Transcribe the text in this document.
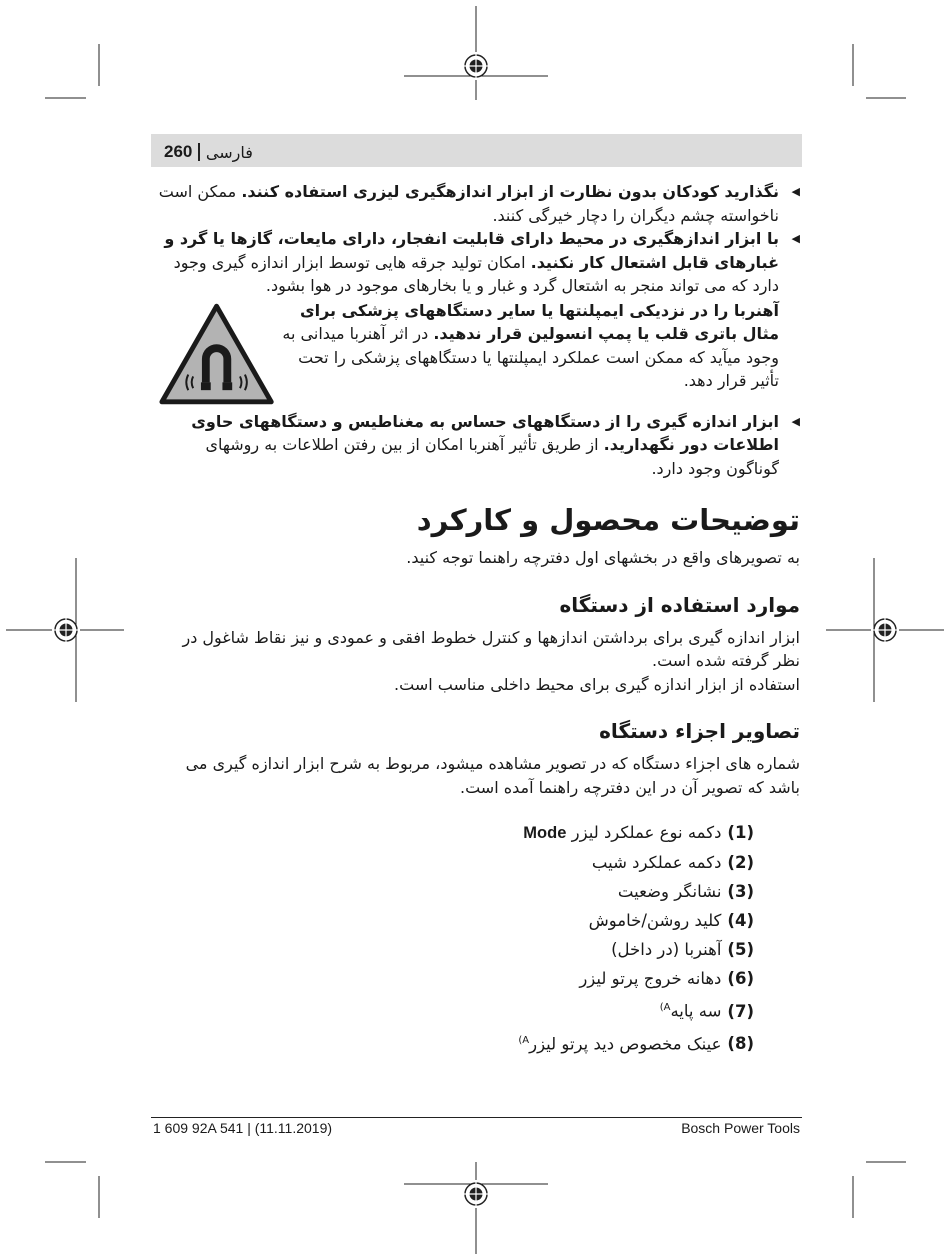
260 فارسی
◀
نگذارید کودکان بدون نظارت از ابزار اندازهگیری لیزری استفاده کنند. ممکن است ناخواسته چشم دیگران را دچار خیرگی کنند.
◀
با ابزار اندازهگیری در محیط دارای قابلیت انفجار، دارای مایعات، گازها یا گرد و غبارهای قابل اشتعال کار نکنید. امکان تولید جرقه هایی توسط ابزار اندازه گیری وجود دارد که می تواند منجر به اشتعال گرد و غبار و یا بخارهای موجود در هوا بشود.
آهنربا را در نزدیکی ایمپلنتها یا سایر دستگاههای پزشکی برای مثال باتری قلب یا پمپ انسولین قرار ندهید. در اثر آهنربا میدانی به وجود میآید که ممکن است عملکرد ایمپلنتها یا دستگاههای پزشکی را تحت تأثیر قرار دهد.
◀
ابزار اندازه گیری را از دستگاههای حساس به مغناطیس و دستگاههای حاوی اطلاعات دور نگهدارید. از طریق تأثیر آهنربا امکان از بین رفتن اطلاعات به روشهای گوناگون وجود دارد.
توضیحات محصول و کارکرد

به تصویرهای واقع در بخشهای اول دفترچه راهنما توجه کنید.

موارد استفاده از دستگاه

ابزار اندازه گیری برای برداشتن اندازهها و کنترل خطوط افقی و عمودی و نیز نقاط شاغول در نظر گرفته شده است.

استفاده از ابزار اندازه گیری برای محیط داخلی مناسب است.

تصاویر اجزاء دستگاه

شماره های اجزاء دستگاه که در تصویر مشاهده میشود، مربوط به شرح ابزار اندازه گیری می باشد که تصویر آن در این دفترچه راهنما آمده است.

(1)دکمه نوع عملکرد لیزر Mode
(2)دکمه عملکرد شیب
(3)نشانگر وضعیت
(4)کلید روشن/خاموش
(5)آهنربا (در داخل)
(6)دهانه خروج پرتو لیزر
(7)سه پایه$^{A)}$
(8)عینک مخصوص دید پرتو لیزر$^{A)}$
1 609 92A 541 | (11.11.2019)	Bosch Power Tools
